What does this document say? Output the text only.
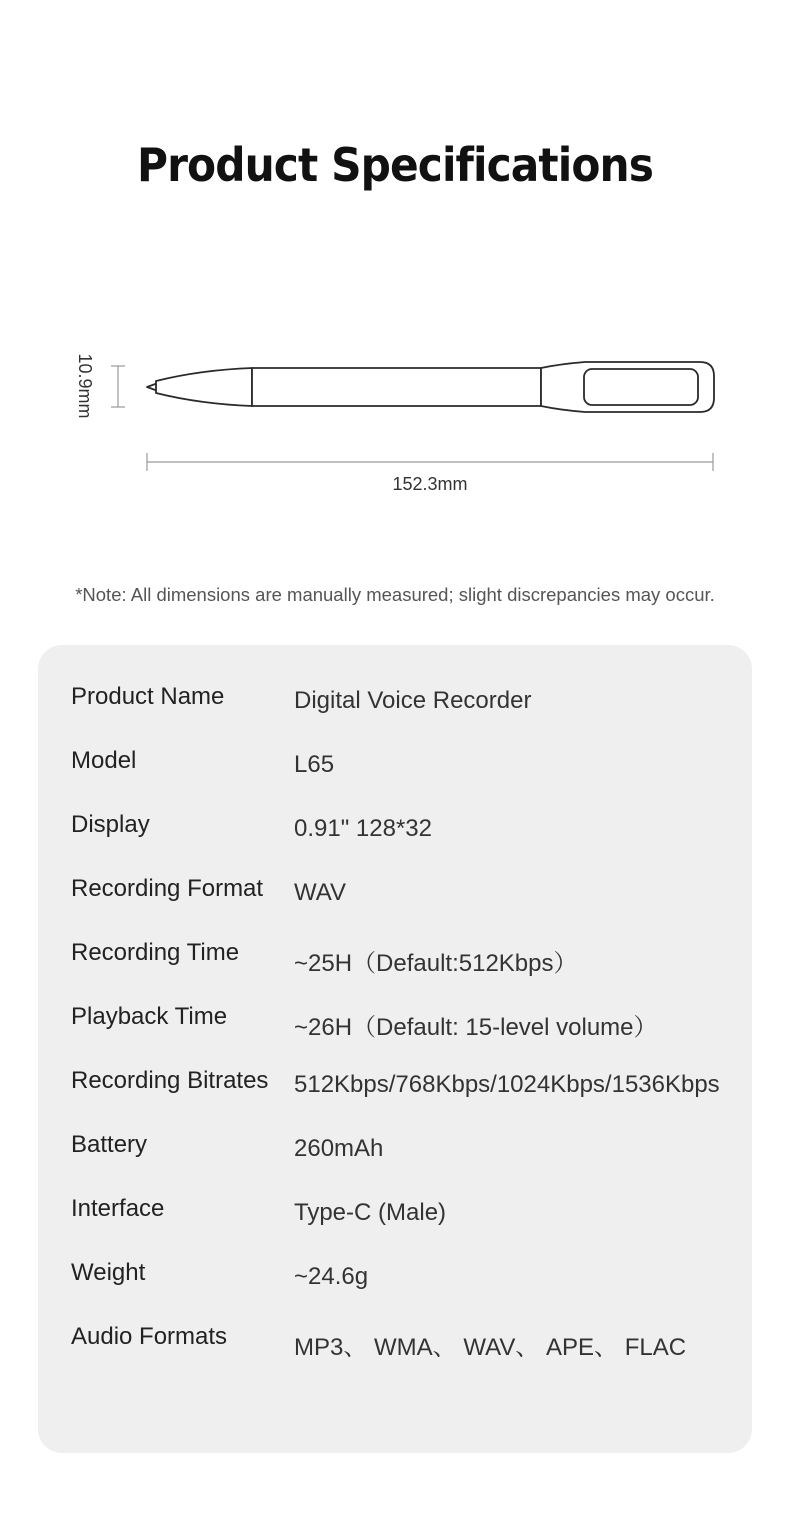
Product Specifications
10.9mm
152.3mm
*Note: All dimensions are manually measured; slight discrepancies may occur.
Product Name	Digital Voice Recorder
Model	L65
Display	0.91" 128*32
Recording Format WAV
Recording Time ~25H（Default:512Kbps）
Playback Time	~26H（Default: 15-level volume）
Recording Bitrates 512Kbps/768Kbps/1024Kbps/1536Kbps
Battery	260mAh
Interface	Type-C (Male)
Weight	~24.6g
Audio Formats	MP3、 WMA、 WAV、 APE、 FLAC
